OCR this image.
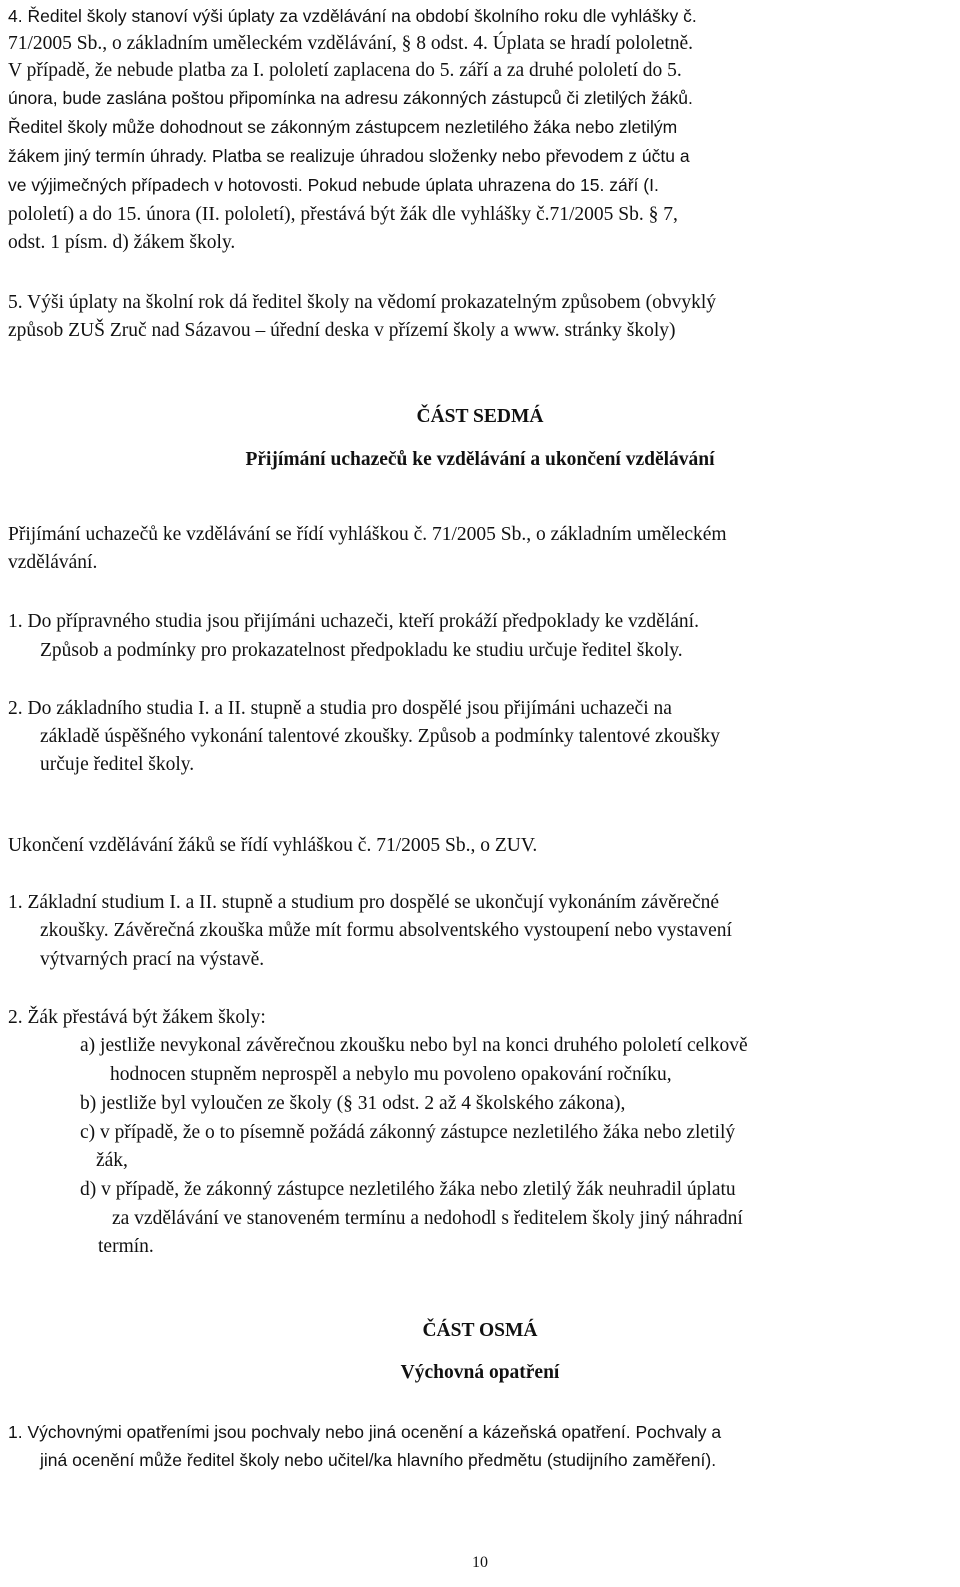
4. Ředitel školy stanoví výši úplaty za vzdělávání na období školního roku dle vyhlášky č.
71/2005 Sb., o základním uměleckém vzdělávání, § 8 odst. 4. Úplata se hradí pololetně.
V případě, že nebude platba za I. pololetí zaplacena do 5. září a za druhé pololetí do 5.
února, bude zaslána poštou připomínka na adresu zákonných zástupců či zletilých žáků.
Ředitel školy může dohodnout se zákonným zástupcem nezletilého žáka nebo zletilým
žákem jiný termín úhrady. Platba se realizuje úhradou složenky nebo převodem z účtu a
ve výjimečných případech v hotovosti. Pokud nebude úplata uhrazena do 15. září (I.
pololetí) a do 15. února (II. pololetí), přestává být žák dle vyhlášky č.71/2005 Sb. § 7,
odst. 1 písm. d) žákem školy.
5. Výši úplaty na školní rok dá ředitel školy na vědomí prokazatelným způsobem (obvyklý
způsob ZUŠ Zruč nad Sázavou – úřední deska v přízemí školy a www. stránky školy)
ČÁST SEDMÁ
Přijímání uchazečů ke vzdělávání a ukončení vzdělávání
Přijímání uchazečů ke vzdělávání se řídí vyhláškou č. 71/2005 Sb., o základním uměleckém
vzdělávání.
1. Do přípravného studia jsou přijímáni uchazeči, kteří prokáží předpoklady ke vzdělání.
Způsob a podmínky pro prokazatelnost předpokladu ke studiu určuje ředitel školy.
2. Do základního studia I. a II. stupně a studia pro dospělé jsou přijímáni uchazeči na
základě úspěšného vykonání talentové zkoušky. Způsob a podmínky talentové zkoušky
určuje ředitel školy.
Ukončení vzdělávání žáků se řídí vyhláškou č. 71/2005 Sb., o ZUV.
1. Základní studium I. a II. stupně a studium pro dospělé se ukončují vykonáním závěrečné
zkoušky. Závěrečná zkouška může mít formu absolventského vystoupení nebo vystavení
výtvarných prací na výstavě.
2. Žák přestává být žákem školy:
a) jestliže nevykonal závěrečnou zkoušku nebo byl na konci druhého pololetí celkově
hodnocen stupněm neprospěl a nebylo mu povoleno opakování ročníku,
b) jestliže byl vyloučen ze školy (§ 31 odst. 2 až 4 školského zákona),
c) v případě, že o to písemně požádá zákonný zástupce nezletilého žáka nebo zletilý
žák,
d) v případě, že zákonný zástupce nezletilého žáka nebo zletilý žák neuhradil úplatu
za vzdělávání ve stanoveném termínu a nedohodl s ředitelem školy jiný náhradní
termín.
ČÁST OSMÁ
Výchovná opatření
1. Výchovnými opatřeními jsou pochvaly nebo jiná ocenění a kázeňská opatření. Pochvaly a
jiná ocenění může ředitel školy nebo učitel/ka hlavního předmětu (studijního zaměření).
10
